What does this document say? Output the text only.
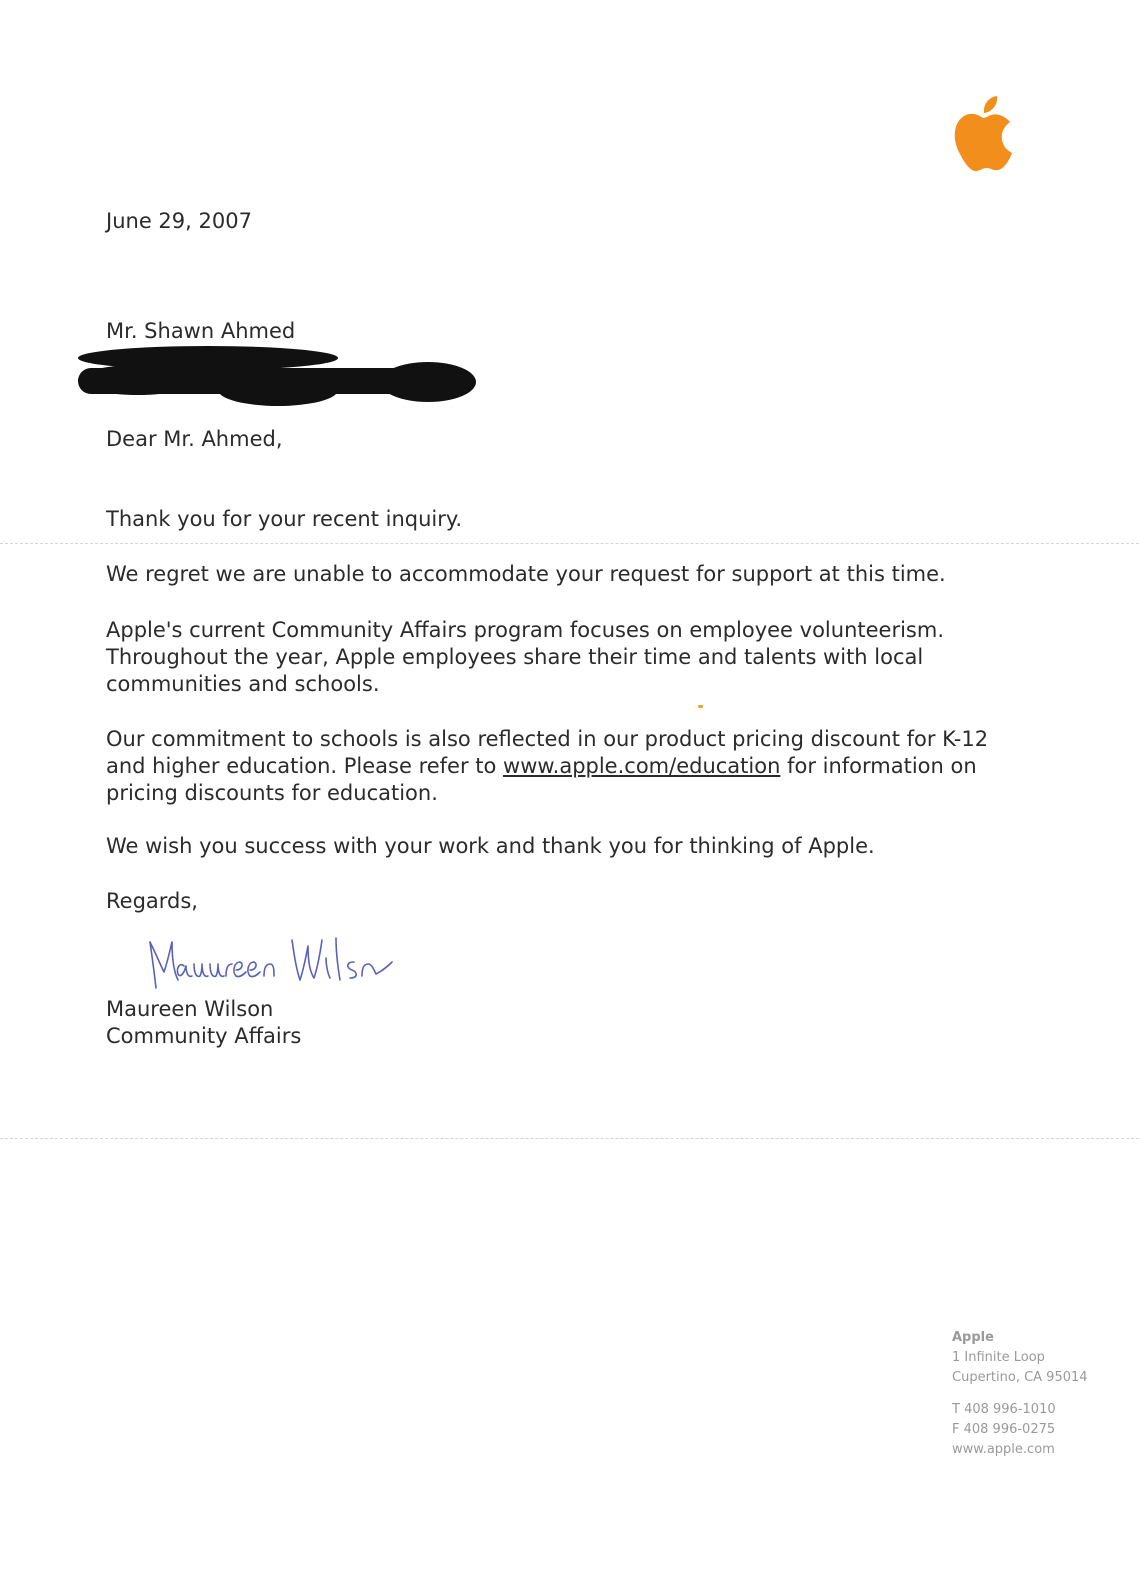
June 29, 2007

Mr. Shawn Ahmed

Dear Mr. Ahmed,

Thank you for your recent inquiry.

We regret we are unable to accommodate your request for support at this time.

Apple's current Community Affairs program focuses on employee volunteerism.
Throughout the year, Apple employees share their time and talents with local
communities and schools.

Our commitment to schools is also reflected in our product pricing discount for K-12
and higher education. Please refer to www.apple.com/education for information on
pricing discounts for education.

We wish you success with your work and thank you for thinking of Apple.

Regards,

Maureen Wilson

Community Affairs

Apple

1 Infinite Loop

Cupertino, CA 95014

T 408 996-1010

F 408 996-0275

www.apple.com
